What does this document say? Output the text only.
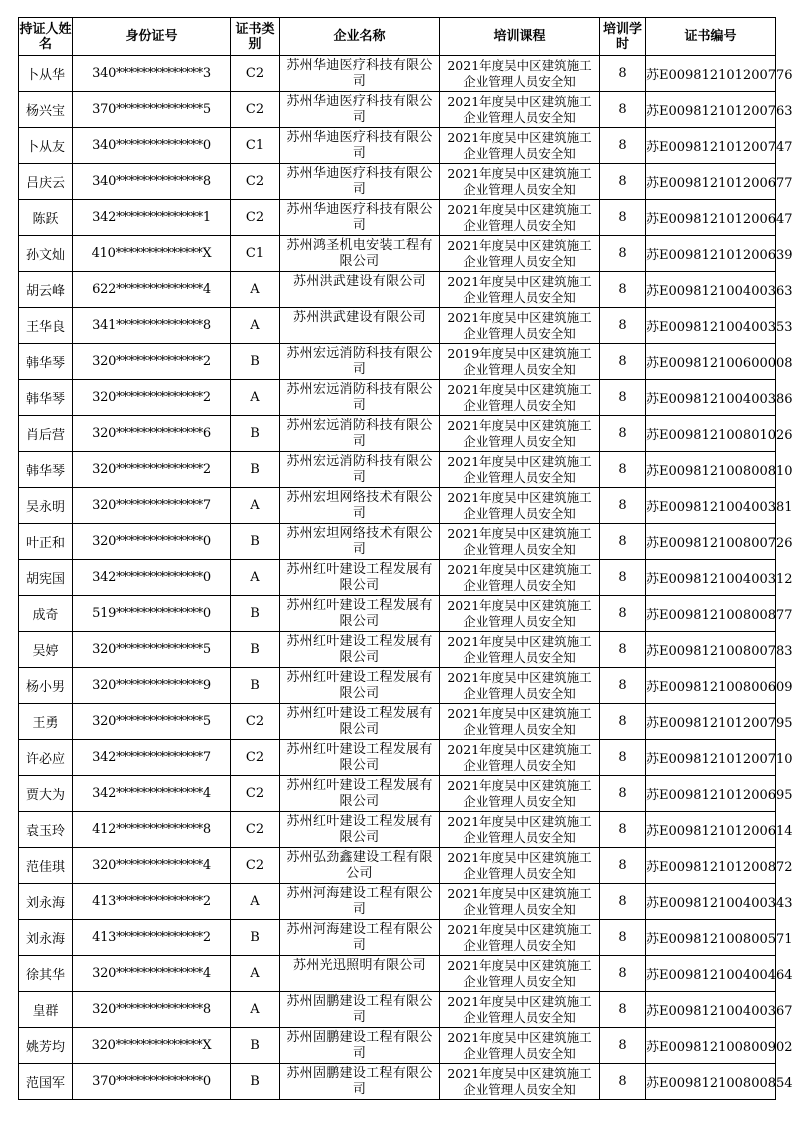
持证人姓名	身份证号	证书类别	企业名称	培训课程	培训学时	证书编号
卜从华	340**************3	C2	苏州华迪医疗科技有限公司	2021年度吴中区建筑施工企业管理人员安全知	8	苏E009812101200776
杨兴宝	370**************5	C2	苏州华迪医疗科技有限公司	2021年度吴中区建筑施工企业管理人员安全知	8	苏E009812101200763
卜从友	340**************0	C1	苏州华迪医疗科技有限公司	2021年度吴中区建筑施工企业管理人员安全知	8	苏E009812101200747
吕庆云	340**************8	C2	苏州华迪医疗科技有限公司	2021年度吴中区建筑施工企业管理人员安全知	8	苏E009812101200677
陈跃	342**************1	C2	苏州华迪医疗科技有限公司	2021年度吴中区建筑施工企业管理人员安全知	8	苏E009812101200647
孙文灿	410**************X	C1	苏州鸿圣机电安装工程有限公司	2021年度吴中区建筑施工企业管理人员安全知	8	苏E009812101200639
胡云峰	622**************4	A	苏州洪武建设有限公司	2021年度吴中区建筑施工企业管理人员安全知	8	苏E009812100400363
王华良	341**************8	A	苏州洪武建设有限公司	2021年度吴中区建筑施工企业管理人员安全知	8	苏E009812100400353
韩华琴	320**************2	B	苏州宏远消防科技有限公司	2019年度吴中区建筑施工企业管理人员安全知	8	苏E009812100600008
韩华琴	320**************2	A	苏州宏远消防科技有限公司	2021年度吴中区建筑施工企业管理人员安全知	8	苏E009812100400386
肖后营	320**************6	B	苏州宏远消防科技有限公司	2021年度吴中区建筑施工企业管理人员安全知	8	苏E009812100801026
韩华琴	320**************2	B	苏州宏远消防科技有限公司	2021年度吴中区建筑施工企业管理人员安全知	8	苏E009812100800810
吴永明	320**************7	A	苏州宏坦网络技术有限公司	2021年度吴中区建筑施工企业管理人员安全知	8	苏E009812100400381
叶正和	320**************0	B	苏州宏坦网络技术有限公司	2021年度吴中区建筑施工企业管理人员安全知	8	苏E009812100800726
胡宪国	342**************0	A	苏州红叶建设工程发展有限公司	2021年度吴中区建筑施工企业管理人员安全知	8	苏E009812100400312
成奇	519**************0	B	苏州红叶建设工程发展有限公司	2021年度吴中区建筑施工企业管理人员安全知	8	苏E009812100800877
吴婷	320**************5	B	苏州红叶建设工程发展有限公司	2021年度吴中区建筑施工企业管理人员安全知	8	苏E009812100800783
杨小男	320**************9	B	苏州红叶建设工程发展有限公司	2021年度吴中区建筑施工企业管理人员安全知	8	苏E009812100800609
王勇	320**************5	C2	苏州红叶建设工程发展有限公司	2021年度吴中区建筑施工企业管理人员安全知	8	苏E009812101200795
许必应	342**************7	C2	苏州红叶建设工程发展有限公司	2021年度吴中区建筑施工企业管理人员安全知	8	苏E009812101200710
贾大为	342**************4	C2	苏州红叶建设工程发展有限公司	2021年度吴中区建筑施工企业管理人员安全知	8	苏E009812101200695
袁玉玲	412**************8	C2	苏州红叶建设工程发展有限公司	2021年度吴中区建筑施工企业管理人员安全知	8	苏E009812101200614
范佳琪	320**************4	C2	苏州弘劲鑫建设工程有限公司	2021年度吴中区建筑施工企业管理人员安全知	8	苏E009812101200872
刘永海	413**************2	A	苏州河海建设工程有限公司	2021年度吴中区建筑施工企业管理人员安全知	8	苏E009812100400343
刘永海	413**************2	B	苏州河海建设工程有限公司	2021年度吴中区建筑施工企业管理人员安全知	8	苏E009812100800571
徐其华	320**************4	A	苏州光迅照明有限公司	2021年度吴中区建筑施工企业管理人员安全知	8	苏E009812100400464
皇群	320**************8	A	苏州固鹏建设工程有限公司	2021年度吴中区建筑施工企业管理人员安全知	8	苏E009812100400367
姚芳均	320**************X	B	苏州固鹏建设工程有限公司	2021年度吴中区建筑施工企业管理人员安全知	8	苏E009812100800902
范国军	370**************0	B	苏州固鹏建设工程有限公司	2021年度吴中区建筑施工企业管理人员安全知	8	苏E009812100800854
